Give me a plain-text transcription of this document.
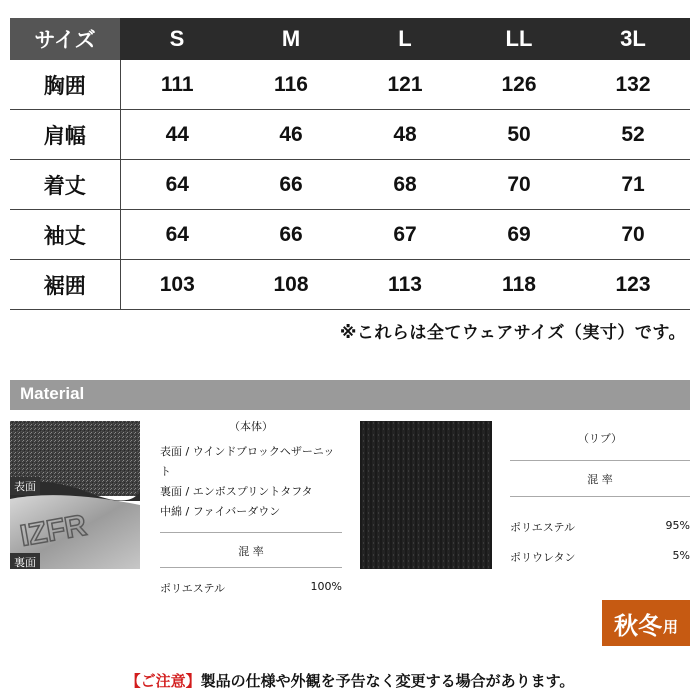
サイズ	S	M	L	LL	3L
胸囲	111	116	121	126	132
肩幅	44	46	48	50	52
着丈	64	66	68	70	71
袖丈	64	66	67	69	70
裾囲	103	108	113	118	123
※これらは全てウェアサイズ（実寸）です。
Material
IZFR
表面
裏面
（本体）
表面 / ウインドブロックヘザーニット
裏面 / エンボスプリントタフタ
中綿 / ファイバーダウン
混 率
ポリエステル	100%
（リブ）
混 率
ポリエステル	95%
ポリウレタン	5%
秋冬 用
【ご注意】製品の仕様や外観を予告なく変更する場合があります。
